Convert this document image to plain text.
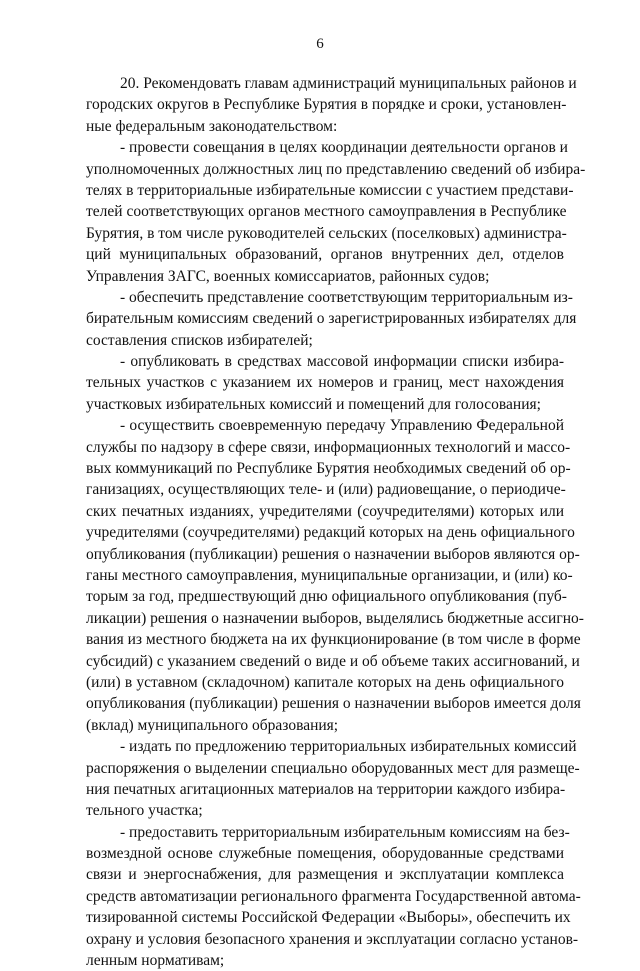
6
20. Рекомендовать главам администраций муниципальных районов и
городских округов в Республике Бурятия в порядке и сроки, установлен-
ные федеральным законодательством:
- провести совещания в целях координации деятельности органов и
уполномоченных должностных лиц по представлению сведений об избира-
телях в территориальные избирательные комиссии с участием представи-
телей соответствующих органов местного самоуправления в Республике
Бурятия, в том числе руководителей сельских (поселковых) администра-
ций муниципальных образований, органов внутренних дел, отделов
Управления ЗАГС, военных комиссариатов, районных судов;
- обеспечить представление соответствующим территориальным из-
бирательным комиссиям сведений о зарегистрированных избирателях для
составления списков избирателей;
- опубликовать в средствах массовой информации списки избира-
тельных участков с указанием их номеров и границ, мест нахождения
участковых избирательных комиссий и помещений для голосования;
- осуществить своевременную передачу Управлению Федеральной
службы по надзору в сфере связи, информационных технологий и массо-
вых коммуникаций по Республике Бурятия необходимых сведений об ор-
ганизациях, осуществляющих теле- и (или) радиовещание, о периодиче-
ских печатных изданиях, учредителями (соучредителями) которых или
учредителями (соучредителями) редакций которых на день официального
опубликования (публикации) решения о назначении выборов являются ор-
ганы местного самоуправления, муниципальные организации, и (или) ко-
торым за год, предшествующий дню официального опубликования (пуб-
ликации) решения о назначении выборов, выделялись бюджетные ассигно-
вания из местного бюджета на их функционирование (в том числе в форме
субсидий) с указанием сведений о виде и об объеме таких ассигнований, и
(или) в уставном (складочном) капитале которых на день официального
опубликования (публикации) решения о назначении выборов имеется доля
(вклад) муниципального образования;
- издать по предложению территориальных избирательных комиссий
распоряжения о выделении специально оборудованных мест для размеще-
ния печатных агитационных материалов на территории каждого избира-
тельного участка;
- предоставить территориальным избирательным комиссиям на без-
возмездной основе служебные помещения, оборудованные средствами
связи и энергоснабжения, для размещения и эксплуатации комплекса
средств автоматизации регионального фрагмента Государственной автома-
тизированной системы Российской Федерации «Выборы», обеспечить их
охрану и условия безопасного хранения и эксплуатации согласно установ-
ленным нормативам;
